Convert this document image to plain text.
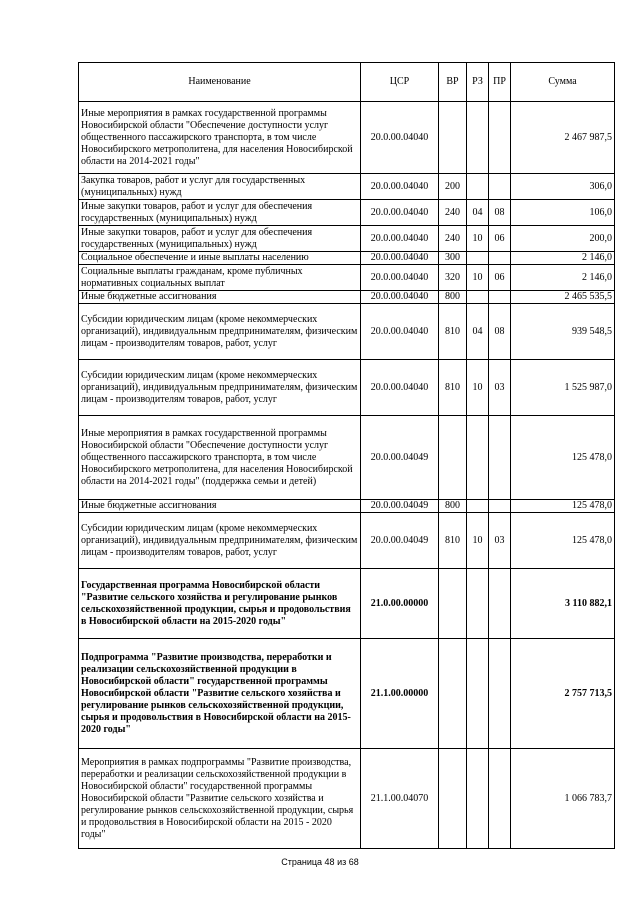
Наименование	ЦСР	ВР	РЗ	ПР	Сумма
Иные мероприятия в рамках государственной программы Новосибирской области "Обеспечение доступности услуг общественного пассажирского транспорта, в том числе Новосибирского метрополитена, для населения Новосибирской области на 2014-2021 годы"	20.0.00.04040				2 467 987,5
Закупка товаров, работ и услуг для государственных (муниципальных) нужд	20.0.00.04040	200			306,0
Иные закупки товаров, работ и услуг для обеспечения государственных (муниципальных) нужд	20.0.00.04040	240	04	08	106,0
Иные закупки товаров, работ и услуг для обеспечения государственных (муниципальных) нужд	20.0.00.04040	240	10	06	200,0
Социальное обеспечение и иные выплаты населению	20.0.00.04040	300			2 146,0
Социальные выплаты гражданам, кроме публичных нормативных социальных выплат	20.0.00.04040	320	10	06	2 146,0
Иные бюджетные ассигнования	20.0.00.04040	800			2 465 535,5
Субсидии юридическим лицам (кроме некоммерческих организаций), индивидуальным предпринимателям, физическим лицам - производителям товаров, работ, услуг	20.0.00.04040	810	04	08	939 548,5
Субсидии юридическим лицам (кроме некоммерческих организаций), индивидуальным предпринимателям, физическим лицам - производителям товаров, работ, услуг	20.0.00.04040	810	10	03	1 525 987,0
Иные мероприятия в рамках государственной программы Новосибирской области "Обеспечение доступности услуг общественного пассажирского транспорта, в том числе Новосибирского метрополитена, для населения Новосибирской области на 2014-2021 годы" (поддержка семьи и детей)	20.0.00.04049				125 478,0
Иные бюджетные ассигнования	20.0.00.04049	800			125 478,0
Субсидии юридическим лицам (кроме некоммерческих организаций), индивидуальным предпринимателям, физическим лицам - производителям товаров, работ, услуг	20.0.00.04049	810	10	03	125 478,0
Государственная программа Новосибирской области "Развитие сельского хозяйства и регулирование рынков сельскохозяйственной продукции, сырья и продовольствия в Новосибирской области на 2015-2020 годы"	21.0.00.00000				3 110 882,1
Подпрограмма "Развитие производства, переработки и реализации сельскохозяйственной продукции в Новосибирской области" государственной программы Новосибирской области "Развитие сельского хозяйства и регулирование рынков сельскохозяйственной продукции, сырья и продовольствия в Новосибирской области на 2015-2020 годы"	21.1.00.00000				2 757 713,5
Мероприятия в рамках подпрограммы "Развитие производства, переработки и реализации сельскохозяйственной продукции в Новосибирской области" государственной программы Новосибирской области "Развитие сельского хозяйства и регулирование рынков сельскохозяйственной продукции, сырья и продовольствия в Новосибирской области на 2015 - 2020 годы"	21.1.00.04070				1 066 783,7
Страница 48 из 68
